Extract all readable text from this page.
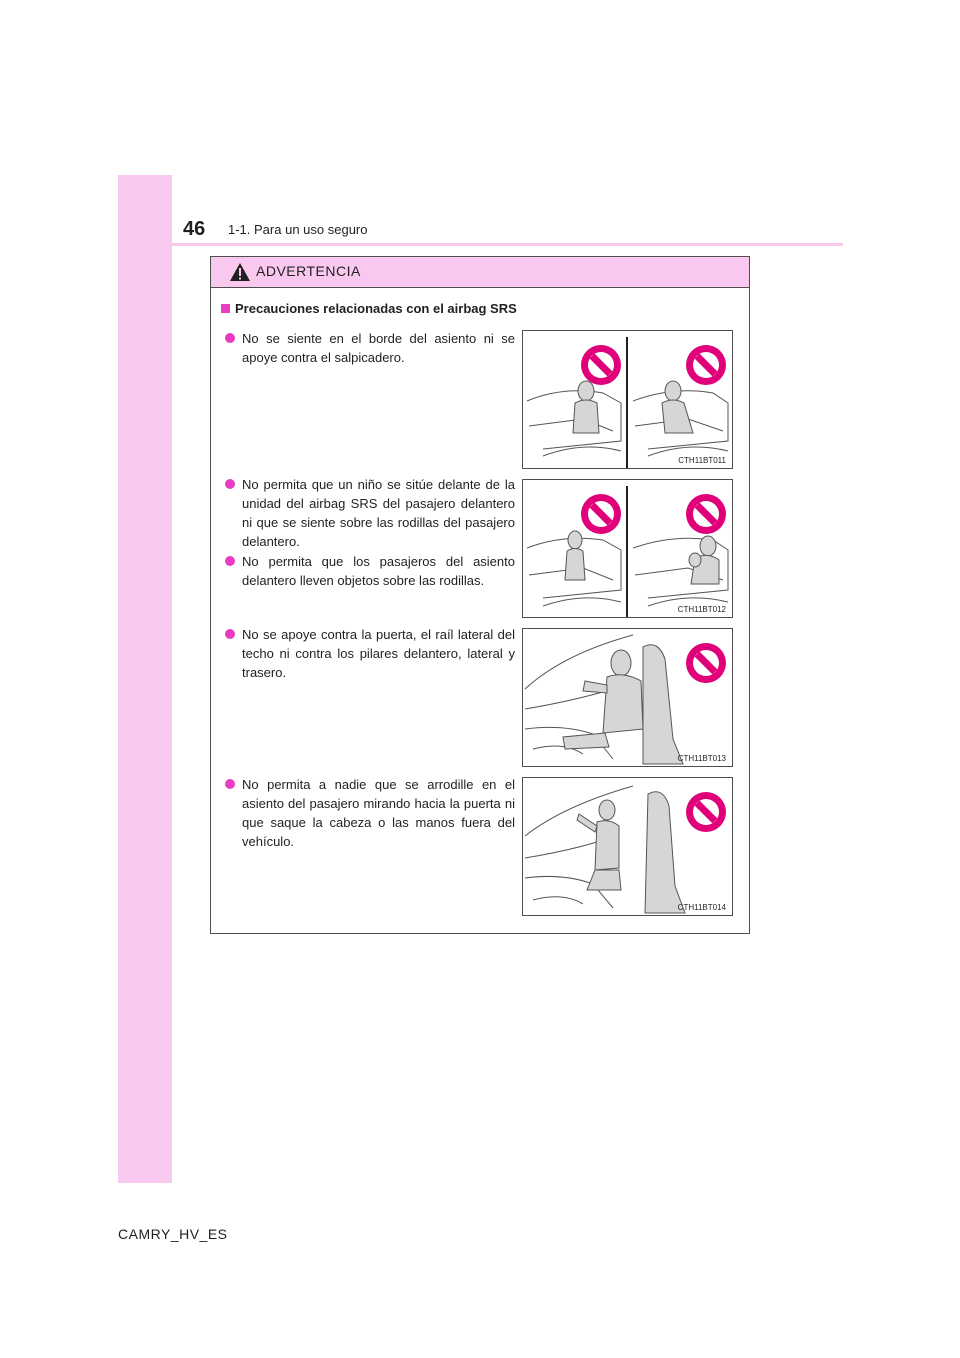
46 1-1. Para un uso seguro
ADVERTENCIA
Precauciones relacionadas con el airbag SRS
No se siente en el borde del asiento ni se apoye contra el salpicadero.
No permita que un niño se sitúe delante de la unidad del airbag SRS del pasajero delantero ni que se siente sobre las rodillas del pasajero delantero.
No permita que los pasajeros del asiento delantero lleven objetos sobre las rodillas.
No se apoye contra la puerta, el raíl lateral del techo ni contra los pilares delantero, lateral y trasero.
No permita a nadie que se arrodille en el asiento del pasajero mirando hacia la puerta ni que saque la cabeza o las manos fuera del vehículo.
CTH11BT011
CTH11BT012
CTH11BT013
CTH11BT014
CAMRY_HV_ES
